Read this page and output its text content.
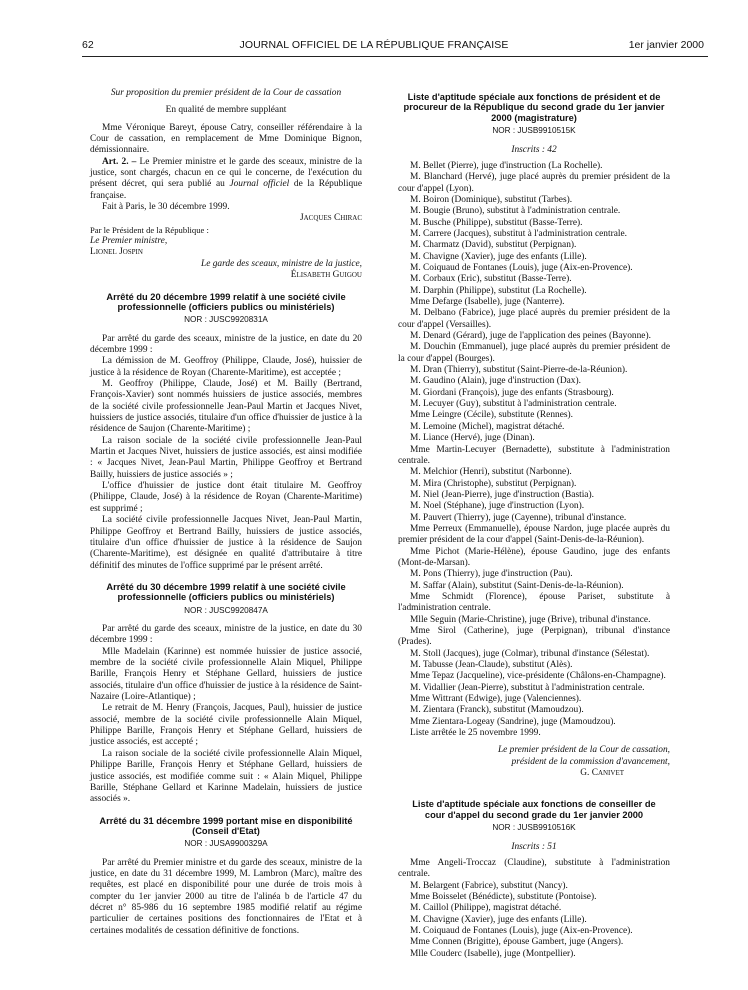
62	JOURNAL OFFICIEL DE LA RÉPUBLIQUE FRANÇAISE	1er janvier 2000

Sur proposition du premier président de la Cour de cassation

En qualité de membre suppléant

Mme Véronique Bareyt, épouse Catry, conseiller référendaire à la Cour de cassation, en remplacement de Mme Dominique Bignon, démissionnaire.

Art. 2. – Le Premier ministre et le garde des sceaux, ministre de la justice, sont chargés, chacun en ce qui le concerne, de l'exécution du présent décret, qui sera publié au Journal officiel de la République française.

Fait à Paris, le 30 décembre 1999.

Jacques Chirac

Par le Président de la République :

Le Premier ministre,

Lionel Jospin

Le garde des sceaux, ministre de la justice,

Élisabeth Guigou

Arrêté du 20 décembre 1999 relatif à une société civile professionnelle (officiers publics ou ministériels)

NOR : JUSC9920831A

Par arrêté du garde des sceaux, ministre de la justice, en date du 20 décembre 1999 :

La démission de M. Geoffroy (Philippe, Claude, José), huissier de justice à la résidence de Royan (Charente-Maritime), est acceptée ;

M. Geoffroy (Philippe, Claude, José) et M. Bailly (Bertrand, François-Xavier) sont nommés huissiers de justice associés, membres de la société civile professionnelle Jean-Paul Martin et Jacques Nivet, huissiers de justice associés, titulaire d'un office d'huissier de justice à la résidence de Saujon (Charente-Maritime) ;

La raison sociale de la société civile professionnelle Jean-Paul Martin et Jacques Nivet, huissiers de justice associés, est ainsi modifiée : « Jacques Nivet, Jean-Paul Martin, Philippe Geoffroy et Bertrand Bailly, huissiers de justice associés » ;

L'office d'huissier de justice dont était titulaire M. Geoffroy (Philippe, Claude, José) à la résidence de Royan (Charente-Maritime) est supprimé ;

La société civile professionnelle Jacques Nivet, Jean-Paul Martin, Philippe Geoffroy et Bertrand Bailly, huissiers de justice associés, titulaire d'un office d'huissier de justice à la résidence de Saujon (Charente-Maritime), est désignée en qualité d'attributaire à titre définitif des minutes de l'office supprimé par le présent arrêté.

Arrêté du 30 décembre 1999 relatif à une société civile professionnelle (officiers publics ou ministériels)

NOR : JUSC9920847A

Par arrêté du garde des sceaux, ministre de la justice, en date du 30 décembre 1999 :

Mlle Madelain (Karinne) est nommée huissier de justice associé, membre de la société civile professionnelle Alain Miquel, Philippe Barille, François Henry et Stéphane Gellard, huissiers de justice associés, titulaire d'un office d'huissier de justice à la résidence de Saint-Nazaire (Loire-Atlantique) ;

Le retrait de M. Henry (François, Jacques, Paul), huissier de justice associé, membre de la société civile professionnelle Alain Miquel, Philippe Barille, François Henry et Stéphane Gellard, huissiers de justice associés, est accepté ;

La raison sociale de la société civile professionnelle Alain Miquel, Philippe Barille, François Henry et Stéphane Gellard, huissiers de justice associés, est modifiée comme suit : « Alain Miquel, Philippe Barille, Stéphane Gellard et Karinne Madelain, huissiers de justice associés ».

Arrêté du 31 décembre 1999 portant mise en disponibilité (Conseil d'Etat)

NOR : JUSA9900329A

Par arrêté du Premier ministre et du garde des sceaux, ministre de la justice, en date du 31 décembre 1999, M. Lambron (Marc), maître des requêtes, est placé en disponibilité pour une durée de trois mois à compter du 1er janvier 2000 au titre de l'alinéa b de l'article 47 du décret n° 85-986 du 16 septembre 1985 modifié relatif au régime particulier de certaines positions des fonctionnaires de l'Etat et à certaines modalités de cessation définitive de fonctions.

Liste d'aptitude spéciale aux fonctions de président et de procureur de la République du second grade du 1er janvier 2000 (magistrature)

NOR : JUSB9910515K

Inscrits : 42

M. Bellet (Pierre), juge d'instruction (La Rochelle).

M. Blanchard (Hervé), juge placé auprès du premier président de la cour d'appel (Lyon).

M. Boiron (Dominique), substitut (Tarbes).

M. Bougie (Bruno), substitut à l'administration centrale.

M. Busche (Philippe), substitut (Basse-Terre).

M. Carrere (Jacques), substitut à l'administration centrale.

M. Charmatz (David), substitut (Perpignan).

M. Chavigne (Xavier), juge des enfants (Lille).

M. Coiquaud de Fontanes (Louis), juge (Aix-en-Provence).

M. Corbaux (Eric), substitut (Basse-Terre).

M. Darphin (Philippe), substitut (La Rochelle).

Mme Defarge (Isabelle), juge (Nanterre).

M. Delbano (Fabrice), juge placé auprès du premier président de la cour d'appel (Versailles).

M. Denard (Gérard), juge de l'application des peines (Bayonne).

M. Douchin (Emmanuel), juge placé auprès du premier président de la cour d'appel (Bourges).

M. Dran (Thierry), substitut (Saint-Pierre-de-la-Réunion).

M. Gaudino (Alain), juge d'instruction (Dax).

M. Giordani (François), juge des enfants (Strasbourg).

M. Lecuyer (Guy), substitut à l'administration centrale.

Mme Leingre (Cécile), substitute (Rennes).

M. Lemoine (Michel), magistrat détaché.

M. Liance (Hervé), juge (Dinan).

Mme Martin-Lecuyer (Bernadette), substitute à l'administration centrale.

M. Melchior (Henri), substitut (Narbonne).

M. Mira (Christophe), substitut (Perpignan).

M. Niel (Jean-Pierre), juge d'instruction (Bastia).

M. Noel (Stéphane), juge d'instruction (Lyon).

M. Pauvert (Thierry), juge (Cayenne), tribunal d'instance.

Mme Perreux (Emmanuelle), épouse Nardon, juge placée auprès du premier président de la cour d'appel (Saint-Denis-de-la-Réunion).

Mme Pichot (Marie-Hélène), épouse Gaudino, juge des enfants (Mont-de-Marsan).

M. Pons (Thierry), juge d'instruction (Pau).

M. Saffar (Alain), substitut (Saint-Denis-de-la-Réunion).

Mme Schmidt (Florence), épouse Pariset, substitute à l'administration centrale.

Mlle Seguin (Marie-Christine), juge (Brive), tribunal d'instance.

Mme Sirol (Catherine), juge (Perpignan), tribunal d'instance (Prades).

M. Stoll (Jacques), juge (Colmar), tribunal d'instance (Sélestat).

M. Tabusse (Jean-Claude), substitut (Alès).

Mme Tepaz (Jacqueline), vice-présidente (Châlons-en-Champagne).

M. Vidallier (Jean-Pierre), substitut à l'administration centrale.

Mme Wittrant (Edwige), juge (Valenciennes).

M. Zientara (Franck), substitut (Mamoudzou).

Mme Zientara-Logeay (Sandrine), juge (Mamoudzou).

Liste arrêtée le 25 novembre 1999.

Le premier président de la Cour de cassation,

président de la commission d'avancement,

G. Canivet

Liste d'aptitude spéciale aux fonctions de conseiller de cour d'appel du second grade du 1er janvier 2000

NOR : JUSB9910516K

Inscrits : 51

Mme Angeli-Troccaz (Claudine), substitute à l'administration centrale.

M. Belargent (Fabrice), substitut (Nancy).

Mme Boisselet (Bénédicte), substitute (Pontoise).

M. Caillol (Philippe), magistrat détaché.

M. Chavigne (Xavier), juge des enfants (Lille).

M. Coiquaud de Fontanes (Louis), juge (Aix-en-Provence).

Mme Connen (Brigitte), épouse Gambert, juge (Angers).

Mlle Couderc (Isabelle), juge (Montpellier).
